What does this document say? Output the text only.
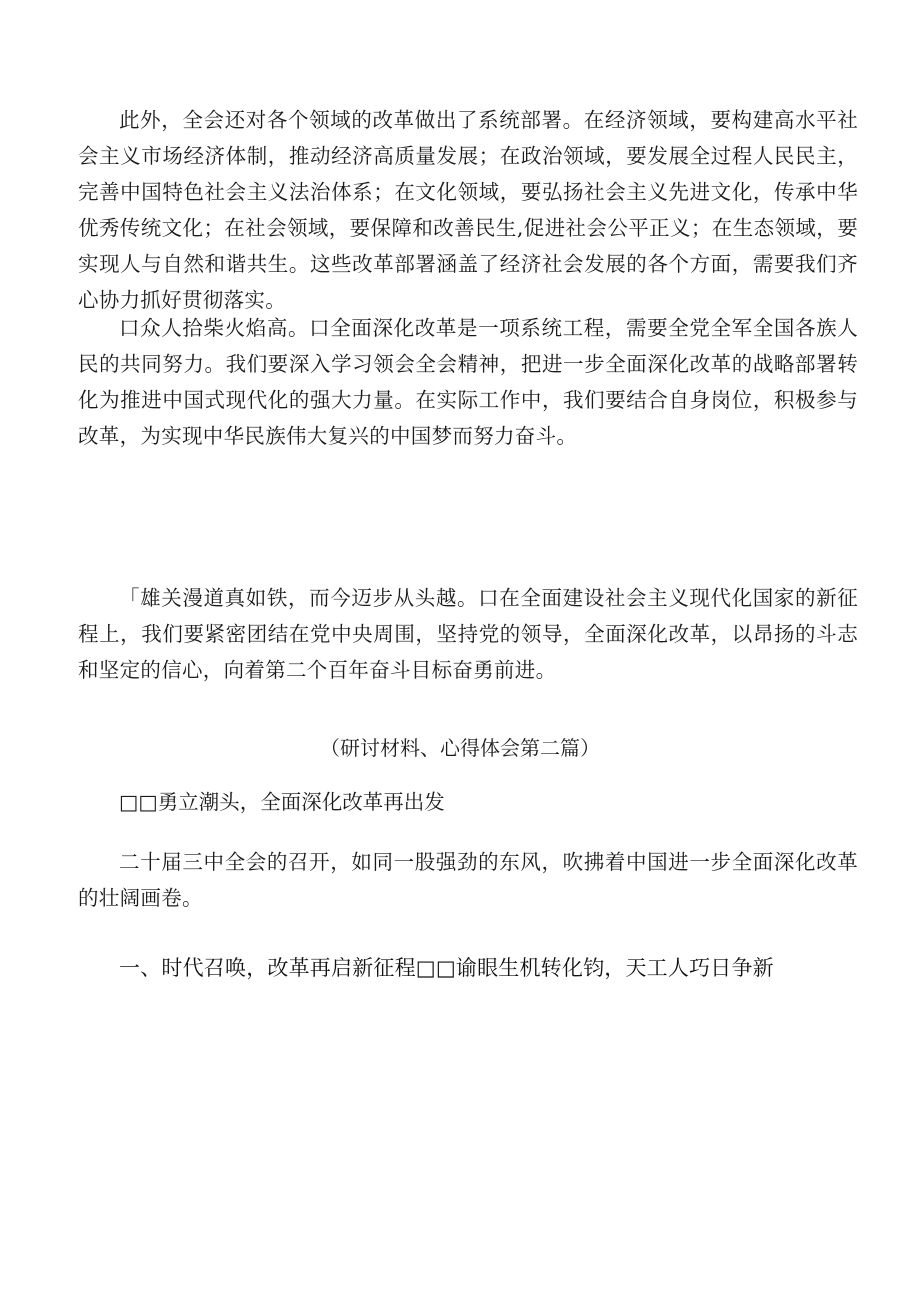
此外，全会还对各个领域的改革做出了系统部署。在经济领域，要构建高水平社会主义市场经济体制，推动经济高质量发展；在政治领域，要发展全过程人民民主，完善中国特色社会主义法治体系；在文化领域，要弘扬社会主义先进文化，传承中华优秀传统文化；在社会领域，要保障和改善民生,促进社会公平正义；在生态领域，要实现人与自然和谐共生。这些改革部署涵盖了经济社会发展的各个方面，需要我们齐心协力抓好贯彻落实。

口众人拾柴火焰高。口全面深化改革是一项系统工程，需要全党全军全国各族人民的共同努力。我们要深入学习领会全会精神，把进一步全面深化改革的战略部署转化为推进中国式现代化的强大力量。在实际工作中，我们要结合自身岗位，积极参与改革，为实现中华民族伟大复兴的中国梦而努力奋斗。

「雄关漫道真如铁，而今迈步从头越。口在全面建设社会主义现代化国家的新征程上，我们要紧密团结在党中央周围，坚持党的领导，全面深化改革，以昂扬的斗志和坚定的信心，向着第二个百年奋斗目标奋勇前进。

（研讨材料、心得体会第二篇）

□□勇立潮头，全面深化改革再出发

二十届三中全会的召开，如同一股强劲的东风，吹拂着中国进一步全面深化改革的壮阔画卷。

一、时代召唤，改革再启新征程□□谕眼生机转化钧，天工人巧日争新
